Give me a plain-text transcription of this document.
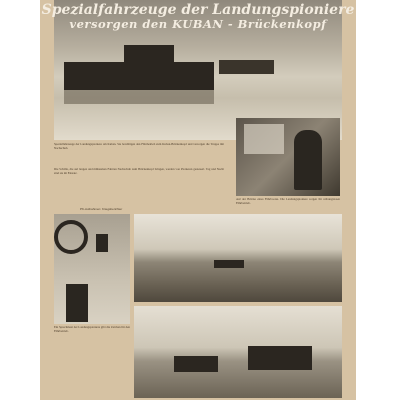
Spezialfahrzeuge der Landungspioniere
versorgen den KUBAN - Brückenkopf
Spezialfahrzeuge der Landungspioniere am Kuban. Sie bewältigen den Fährbetrieb zum Kuban-Brückenkopf und versorgen die Truppe mit Nachschub.
Die Schiffe, die auf langen und mühsamen Fahrten Nachschub zum Brückenkopf bringen, werden von Pionieren gesteuert. Tag und Nacht sind sie im Einsatz.
PK-Aufnahmen: Kriegsberichter
Auf der Brücke eines Fährbootes. Die Landungspioniere sorgen für reibungslosen Fährbetrieb.
Ein Sprechmast der Landungspioniere gibt die Zeichen für den Fährbetrieb.
